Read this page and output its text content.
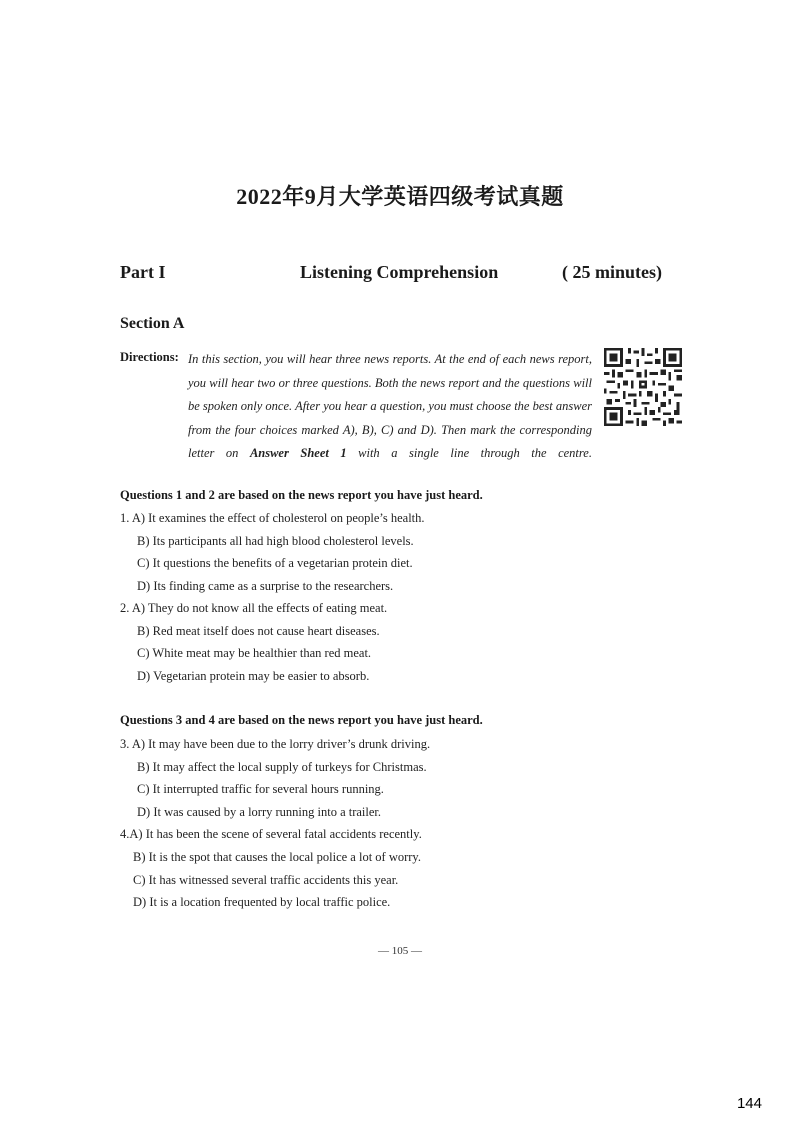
2022年9月大学英语四级考试真题
Part I	Listening Comprehension	( 25 minutes)
Section A
Directions: In this section, you will hear three news reports. At the end of each news report, you will hear two or three questions. Both the news report and the questions will be spoken only once. After you hear a question, you must choose the best answer from the four choices marked A), B), C) and D). Then mark the corresponding letter on Answer Sheet 1 with a single line through the centre.
Questions 1 and 2 are based on the news report you have just heard.
1. A) It examines the effect of cholesterol on people’s health.
B) Its participants all had high blood cholesterol levels.
C) It questions the benefits of a vegetarian protein diet.
D) Its finding came as a surprise to the researchers.
2. A) They do not know all the effects of eating meat.
B) Red meat itself does not cause heart diseases.
C) White meat may be healthier than red meat.
D) Vegetarian protein may be easier to absorb.
Questions 3 and 4 are based on the news report you have just heard.
3. A) It may have been due to the lorry driver’s drunk driving.
B) It may affect the local supply of turkeys for Christmas.
C) It interrupted traffic for several hours running.
D) It was caused by a lorry running into a trailer.
4.A) It has been the scene of several fatal accidents recently.
B) It is the spot that causes the local police a lot of worry.
C) It has witnessed several traffic accidents this year.
D) It is a location frequented by local traffic police.
— 105 —
144
